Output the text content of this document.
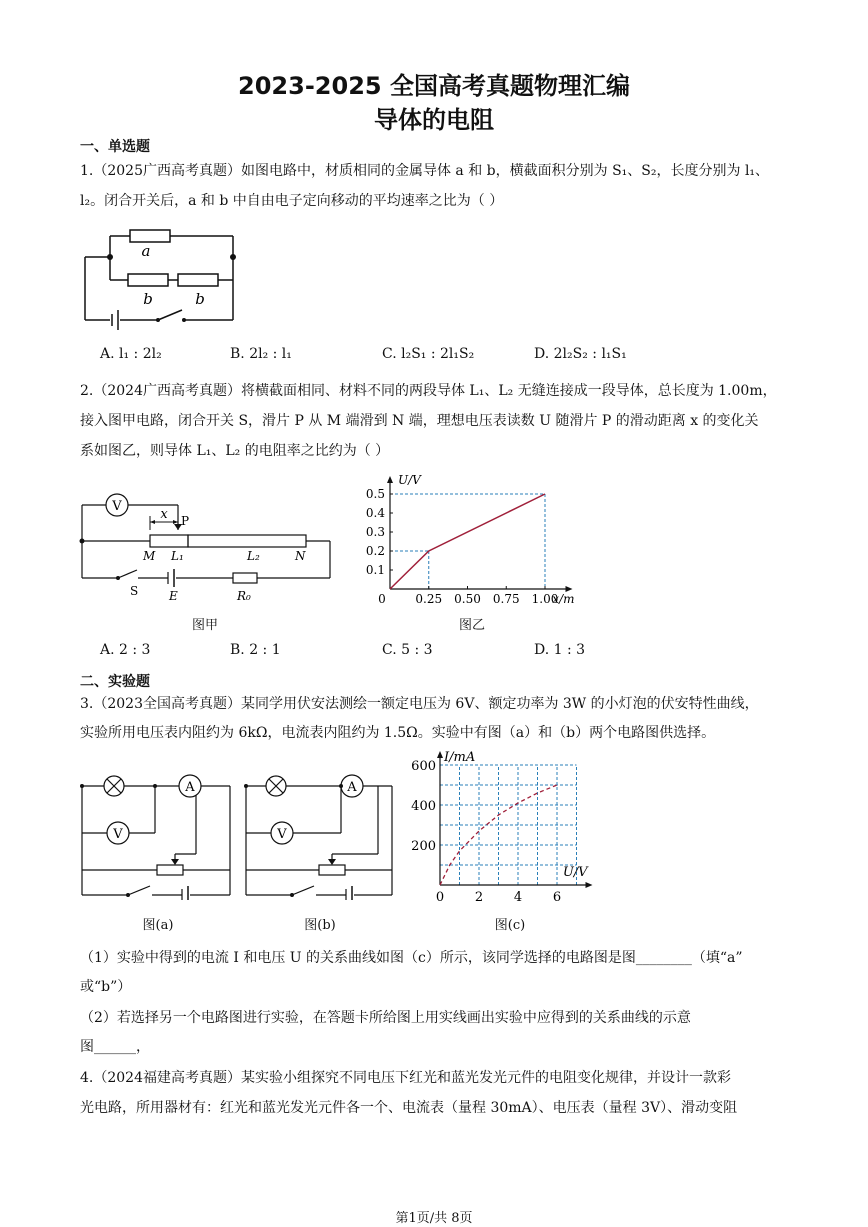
2023-2025 全国高考真题物理汇编
导体的电阻
一、单选题
1.（2025广西高考真题）如图电路中，材质相同的金属导体 a 和 b，横截面积分别为 S₁、S₂，长度分别为 l₁、
l₂。闭合开关后，a 和 b 中自由电子定向移动的平均速率之比为（ ）
a
b	b
A. l₁ : 2l₂	B. 2l₂ : l₁	C. l₂S₁ : 2l₁S₂	D. 2l₂S₂ : l₁S₁
2.（2024广西高考真题）将横截面相同、材料不同的两段导体 L₁、L₂ 无缝连接成一段导体，总长度为 1.00m，
接入图甲电路，闭合开关 S，滑片 P 从 M 端滑到 N 端，理想电压表读数 U 随滑片 P 的滑动距离 x 的变化关
系如图乙，则导体 L₁、L₂ 的电阻率之比约为（ ）
V
x P
M L₁	L₂	N
S	E	R₀
图甲
0 0.25 0.50 0.75 1.00
0.1
0.2
0.3
0.4
0.5
U/V
x/m
图乙
A. 2 : 3	B. 2 : 1	C. 5 : 3	D. 1 : 3
二、实验题
3.（2023全国高考真题）某同学用伏安法测绘一额定电压为 6V、额定功率为 3W 的小灯泡的伏安特性曲线，
实验所用电压表内阻约为 6kΩ，电流表内阻约为 1.5Ω。实验中有图（a）和（b）两个电路图供选择。
A
V
图(a)
A
V
图(b)
0 2 4 6
200
400
600
I/mA
U/V
图(c)
（1）实验中得到的电流 I 和电压 U 的关系曲线如图（c）所示，该同学选择的电路图是图________（填“a”
或“b”）
（2）若选择另一个电路图进行实验，在答题卡所给图上用实线画出实验中应得到的关系曲线的示意
图______，
4.（2024福建高考真题）某实验小组探究不同电压下红光和蓝光发光元件的电阻变化规律，并设计一款彩
光电路，所用器材有：红光和蓝光发光元件各一个、电流表（量程 30mA）、电压表（量程 3V）、滑动变阻
第1页/共 8页
